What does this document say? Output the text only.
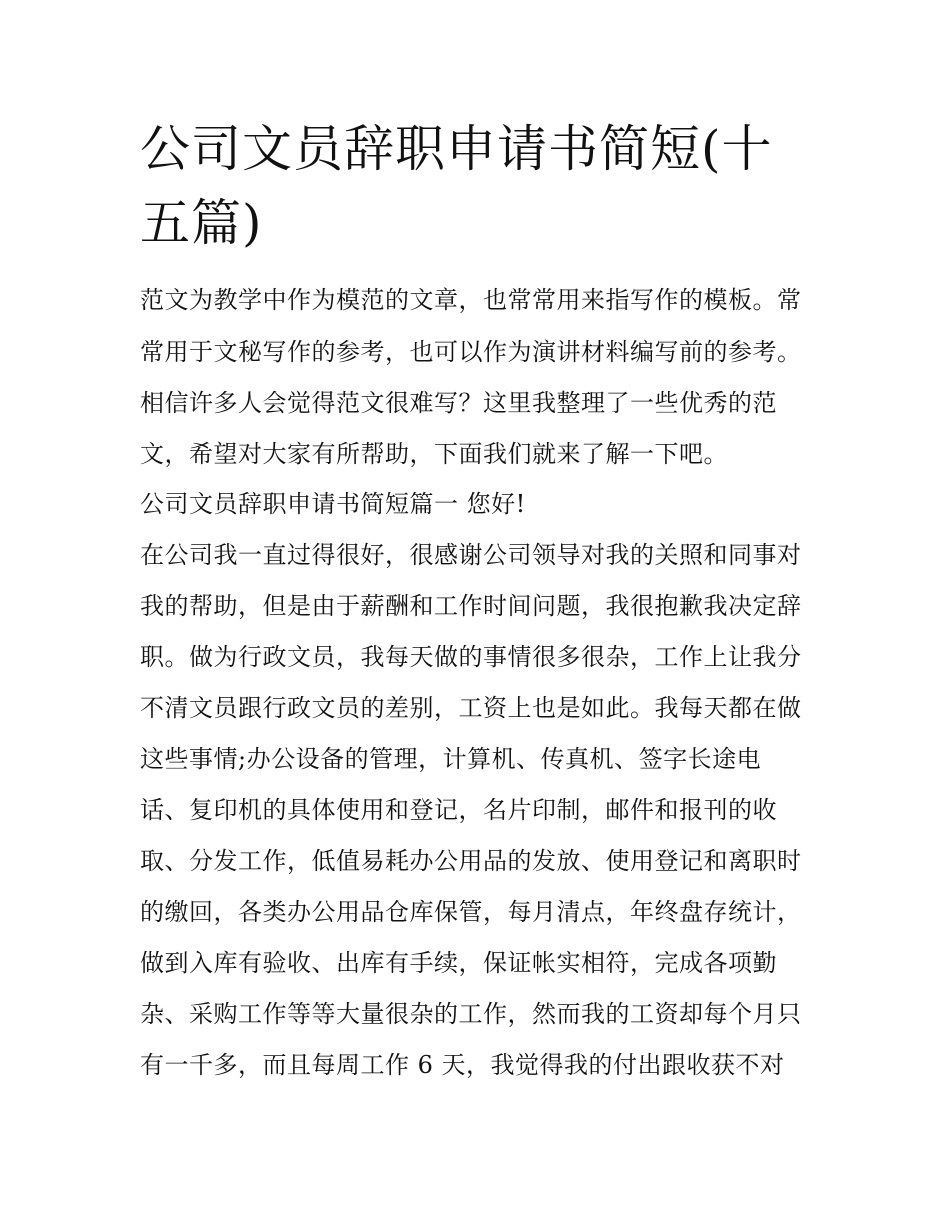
公司文员辞职申请书简短(十五篇)

范文为教学中作为模范的文章，也常常用来指写作的模板。常

常用于文秘写作的参考，也可以作为演讲材料编写前的参考。

相信许多人会觉得范文很难写？这里我整理了一些优秀的范

文，希望对大家有所帮助，下面我们就来了解一下吧。

公司文员辞职申请书简短篇一 您好!

在公司我一直过得很好，很感谢公司领导对我的关照和同事对

我的帮助，但是由于薪酬和工作时间问题，我很抱歉我决定辞

职。做为行政文员，我每天做的事情很多很杂，工作上让我分

不清文员跟行政文员的差别，工资上也是如此。我每天都在做

这些事情;办公设备的管理，计算机、传真机、签字长途电

话、复印机的具体使用和登记，名片印制，邮件和报刊的收

取、分发工作，低值易耗办公用品的发放、使用登记和离职时

的缴回，各类办公用品仓库保管，每月清点，年终盘存统计，

做到入库有验收、出库有手续，保证帐实相符，完成各项勤

杂、采购工作等等大量很杂的工作，然而我的工资却每个月只

有一千多，而且每周工作 6 天，我觉得我的付出跟收获不对
